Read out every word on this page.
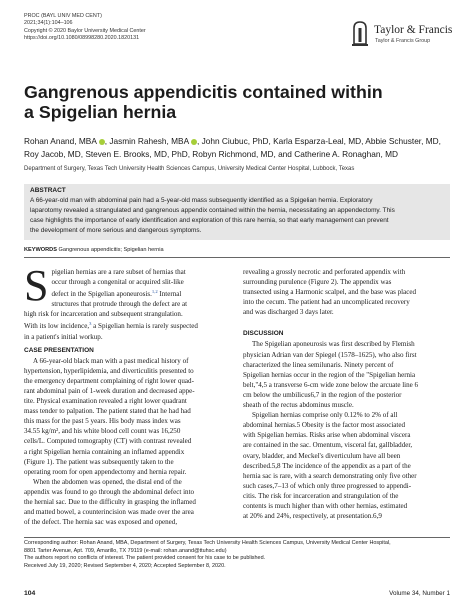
PROC (BAYL UNIV MED CENT)
2021;34(1):104–106
Copyright © 2020 Baylor University Medical Center
https://doi.org/10.1080/08998280.2020.1820131
Taylor & Francis
Taylor & Francis Group
Gangrenous appendicitis contained within
a Spigelian hernia
Rohan Anand, MBA , Jasmin Rahesh, MBA , John Ciubuc, PhD, Karla Esparza-Leal, MD, Abbie Schuster, MD,
Roy Jacob, MD, Steven E. Brooks, MD, PhD, Robyn Richmond, MD, and Catherine A. Ronaghan, MD
Department of Surgery, Texas Tech University Health Sciences Campus, University Medical Center Hospital, Lubbock, Texas
ABSTRACT
A 66-year-old man with abdominal pain had a 5-year-old mass subsequently identified as a Spigelian hernia. Exploratory
laparotomy revealed a strangulated and gangrenous appendix contained within the hernia, necessitating an appendectomy. This
case highlights the importance of early identification and exploration of this rare hernia, so that early management can prevent
the development of more serious and dangerous symptoms.
KEYWORDS Gangrenous appendicitis; Spigelian hernia
S pigelian hernias are a rare subset of hernias that
occur through a congenital or acquired slit-like
defect in the Spigelian aponeurosis.$^{1,2}$ Internal
structures that protrude through the defect are at
high risk for incarceration and subsequent strangulation.
With its low incidence,$^3$ a Spigelian hernia is rarely suspected
in a patient's initial workup.
CASE PRESENTATION
A 66-year-old black man with a past medical history of
hypertension, hyperlipidemia, and diverticulitis presented to
the emergency department complaining of right lower quad-
rant abdominal pain of 1-week duration and decreased appe-
tite. Physical examination revealed a right lower quadrant
mass tender to palpation. The patient stated that he had had
this mass for the past 5 years. His body mass index was
34.55 kg/m², and his white blood cell count was 16,250
cells/L. Computed tomography (CT) with contrast revealed
a right Spigelian hernia containing an inflamed appendix
(Figure 1). The patient was subsequently taken to the
operating room for open appendectomy and hernia repair.
When the abdomen was opened, the distal end of the
appendix was found to go through the abdominal defect into
the hernial sac. Due to the difficulty in grasping the inflamed
and matted bowel, a counterincision was made over the area
of the defect. The hernia sac was exposed and opened,
revealing a grossly necrotic and perforated appendix with
surrounding purulence (Figure 2). The appendix was
transected using a Harmonic scalpel, and the base was placed
into the cecum. The patient had an uncomplicated recovery
and was discharged 3 days later.
DISCUSSION
The Spigelian aponeurosis was first described by Flemish
physician Adrian van der Spiegel (1578–1625), who also first
characterized the linea semilunaris. Ninety percent of
Spigelian hernias occur in the region of the "Spigelian hernia
belt,"4,5 a transverse 6-cm wide zone below the arcuate line 6
cm below the umbilicus6,7 in the region of the posterior
sheath of the rectus abdominus muscle.
Spigelian hernias comprise only 0.12% to 2% of all
abdominal hernias.5 Obesity is the factor most associated
with Spigelian hernias. Risks arise when abdominal viscera
are contained in the sac. Omentum, visceral fat, gallbladder,
ovary, bladder, and Meckel's diverticulum have all been
described.5,8 The incidence of the appendix as a part of the
hernia sac is rare, with a search demonstrating only five other
such cases,7–13 of which only three progressed to appendi-
citis. The risk for incarceration and strangulation of the
contents is much higher than with other hernias, estimated
at 20% and 24%, respectively, at presentation.6,9
Corresponding author: Rohan Anand, MBA, Department of Surgery, Texas Tech University Health Sciences Campus, University Medical Center Hospital,
8801 Tarter Avenue, Apt. 709, Amarillo, TX 79119 (e-mail: rohan.anand@ttuhsc.edu)
The authors report no conflicts of interest. The patient provided consent for his case to be published.
Received July 19, 2020; Revised September 4, 2020; Accepted September 8, 2020.
104	Volume 34, Number 1
